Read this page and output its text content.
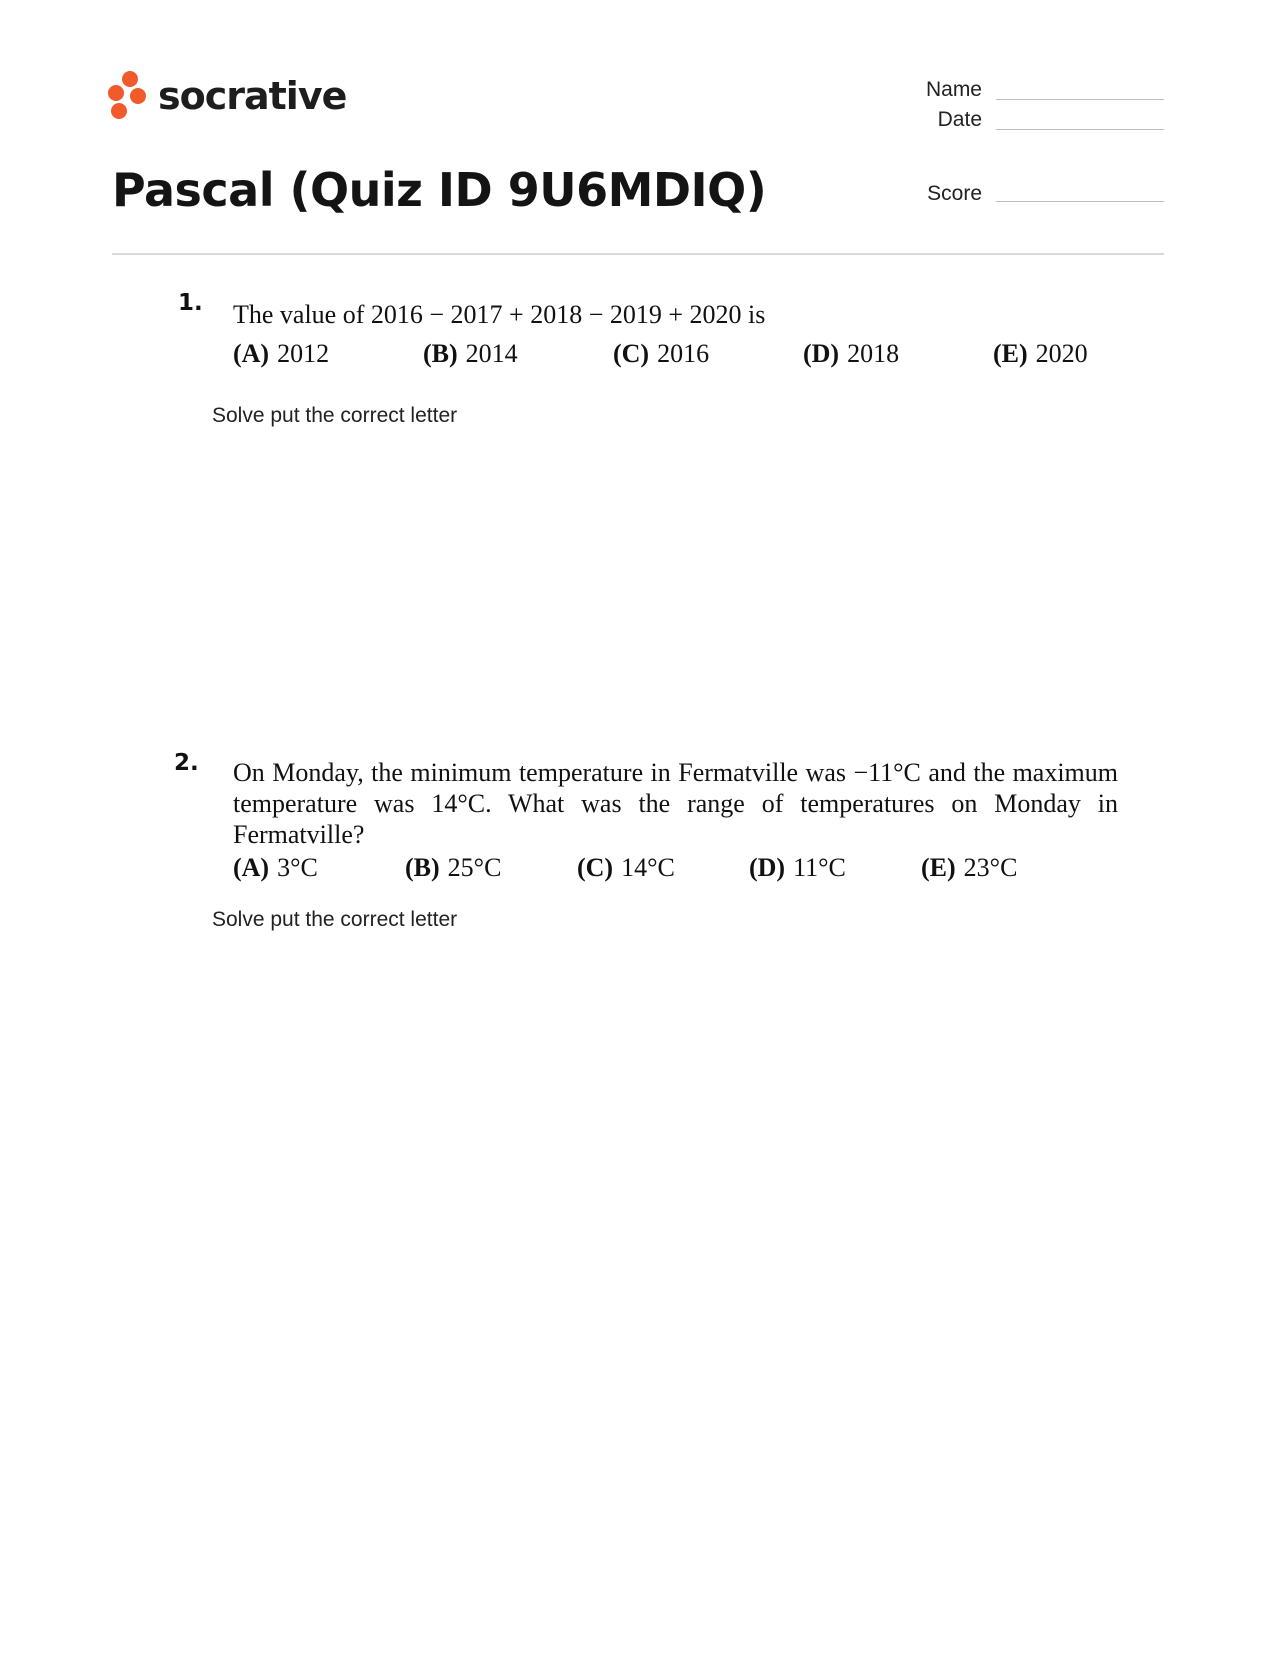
socrative	Name
Date
Score
Pascal (Quiz ID 9U6MDIQ)
1. The value of 2016 − 2017 + 2018 − 2019 + 2020 is
(A) 2012	(B) 2014	(C) 2016	(D) 2018	(E) 2020
Solve put the correct letter
2. On Monday, the minimum temperature in Fermatville was −11°C and the maximum temperature was 14°C. What was the range of temperatures on Monday in Fermatville?
(A) 3°C	(B) 25°C	(C) 14°C	(D) 11°C	(E) 23°C
Solve put the correct letter
